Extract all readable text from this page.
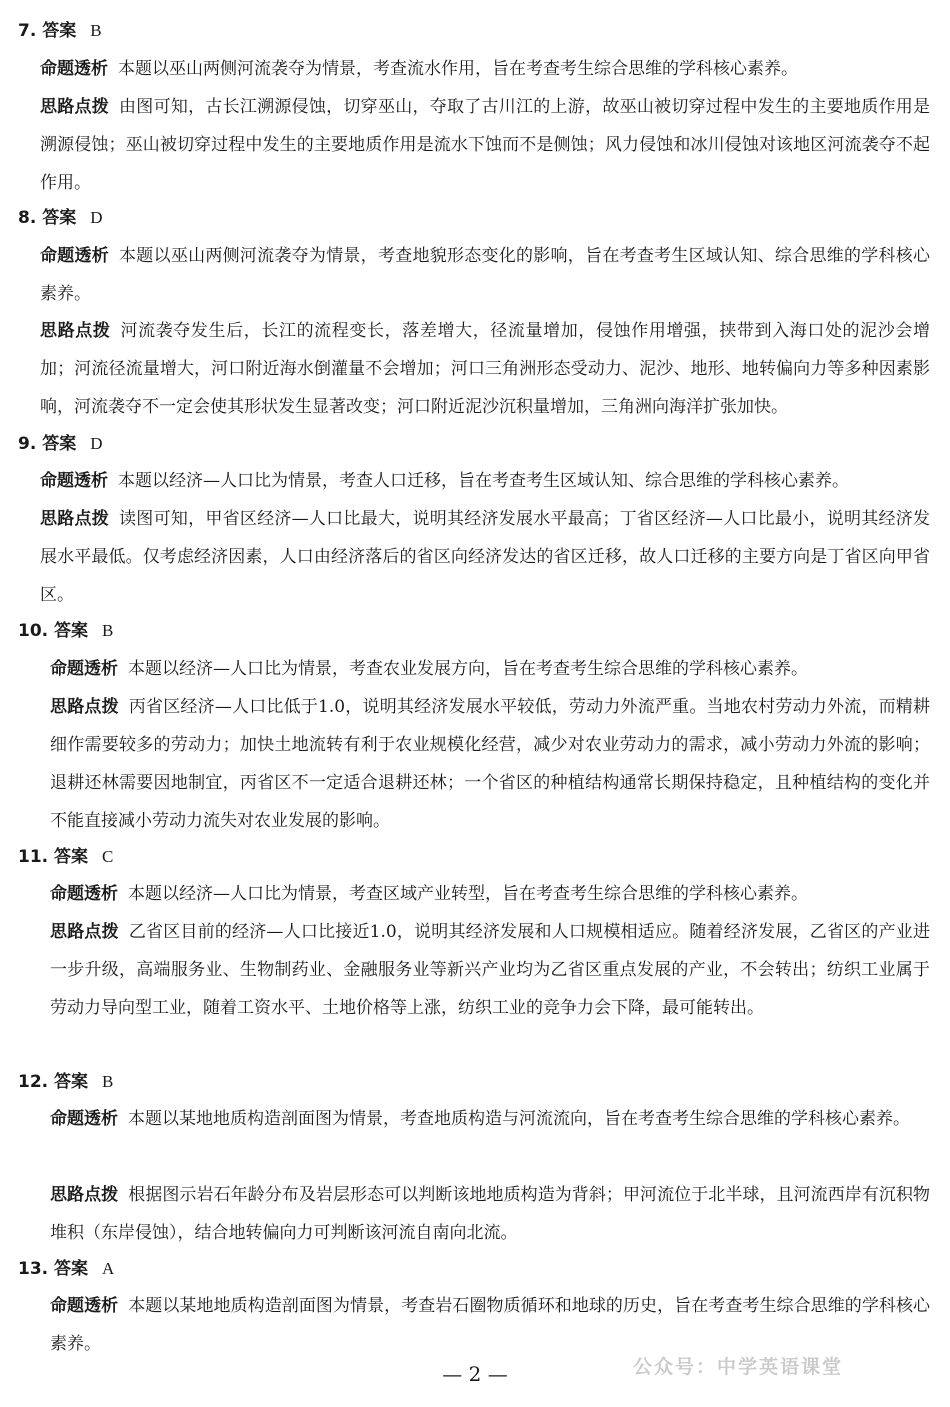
7. 答案 B
命题透析 本题以巫山两侧河流袭夺为情景，考查流水作用，旨在考查考生综合思维的学科核心素养。
思路点拨 由图可知，古长江溯源侵蚀，切穿巫山，夺取了古川江的上游，故巫山被切穿过程中发生的主要地质作用是溯源侵蚀；巫山被切穿过程中发生的主要地质作用是流水下蚀而不是侧蚀；风力侵蚀和冰川侵蚀对该地区河流袭夺不起作用。
8. 答案 D
命题透析 本题以巫山两侧河流袭夺为情景，考查地貌形态变化的影响，旨在考查考生区域认知、综合思维的学科核心素养。
思路点拨 河流袭夺发生后，长江的流程变长，落差增大，径流量增加，侵蚀作用增强，挟带到入海口处的泥沙会增加；河流径流量增大，河口附近海水倒灌量不会增加；河口三角洲形态受动力、泥沙、地形、地转偏向力等多种因素影响，河流袭夺不一定会使其形状发生显著改变；河口附近泥沙沉积量增加，三角洲向海洋扩张加快。
9. 答案 D
命题透析 本题以经济—人口比为情景，考查人口迁移，旨在考查考生区域认知、综合思维的学科核心素养。
思路点拨 读图可知，甲省区经济—人口比最大，说明其经济发展水平最高；丁省区经济—人口比最小，说明其经济发展水平最低。仅考虑经济因素，人口由经济落后的省区向经济发达的省区迁移，故人口迁移的主要方向是丁省区向甲省区。
10. 答案 B
命题透析 本题以经济—人口比为情景，考查农业发展方向，旨在考查考生综合思维的学科核心素养。
思路点拨 丙省区经济—人口比低于1.0，说明其经济发展水平较低，劳动力外流严重。当地农村劳动力外流，而精耕细作需要较多的劳动力；加快土地流转有利于农业规模化经营，减少对农业劳动力的需求，减小劳动力外流的影响；退耕还林需要因地制宜，丙省区不一定适合退耕还林；一个省区的种植结构通常长期保持稳定，且种植结构的变化并不能直接减小劳动力流失对农业发展的影响。
11. 答案 C
命题透析 本题以经济—人口比为情景，考查区域产业转型，旨在考查考生综合思维的学科核心素养。
思路点拨 乙省区目前的经济—人口比接近1.0，说明其经济发展和人口规模相适应。随着经济发展，乙省区的产业进一步升级，高端服务业、生物制药业、金融服务业等新兴产业均为乙省区重点发展的产业，不会转出；纺织工业属于劳动力导向型工业，随着工资水平、土地价格等上涨，纺织工业的竞争力会下降，最可能转出。
12. 答案 B
命题透析 本题以某地地质构造剖面图为情景，考查地质构造与河流流向，旨在考查考生综合思维的学科核心素养。
思路点拨 根据图示岩石年龄分布及岩层形态可以判断该地地质构造为背斜；甲河流位于北半球，且河流西岸有沉积物堆积（东岸侵蚀），结合地转偏向力可判断该河流自南向北流。
13. 答案 A
命题透析 本题以某地地质构造剖面图为情景，考查岩石圈物质循环和地球的历史，旨在考查考生综合思维的学科核心素养。
— 2 —	公众号：中学英语课堂
